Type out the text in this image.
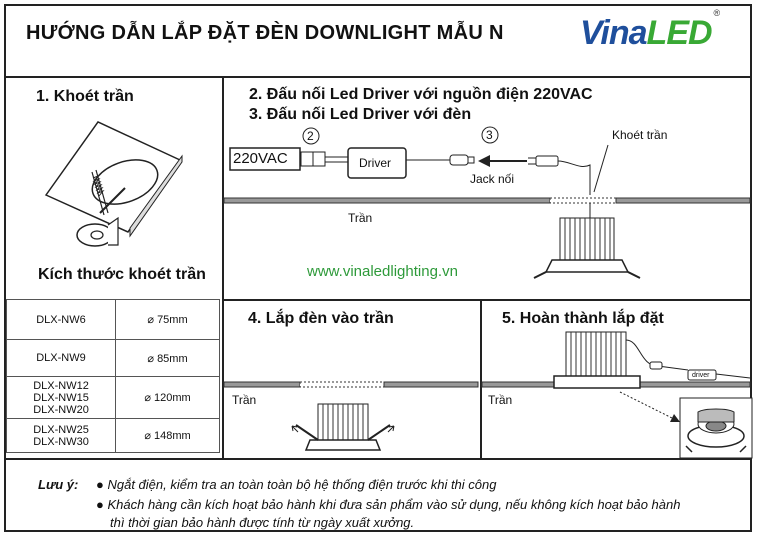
HƯỚNG DẪN LẮP ĐẶT ĐÈN DOWNLIGHT MẪU N VinaLED®
1. Khoét trần
Kích thước khoét trần
DLX-NW6	⌀ 75mm
DLX-NW9	⌀ 85mm
DLX-NW12
DLX-NW15
DLX-NW20	⌀ 120mm
DLX-NW25
DLX-NW30	⌀ 148mm
2. Đấu nối Led Driver với nguồn điện 220VAC
3. Đấu nối Led Driver với đèn
2	3
220VAC	Driver
Jack nối
Khoét trần
Trần
www.vinaledlighting.vn
4. Lắp đèn vào trần
Trần
5. Hoàn thành lắp đặt
driver
Trần
Lưu ý: ● Ngắt điện, kiểm tra an toàn toàn bộ hệ thống điện trước khi thi công
● Khách hàng cần kích hoạt bảo hành khi đưa sản phẩm vào sử dụng, nếu không kích hoạt bảo hành
thì thời gian bảo hành được tính từ ngày xuất xưởng.
